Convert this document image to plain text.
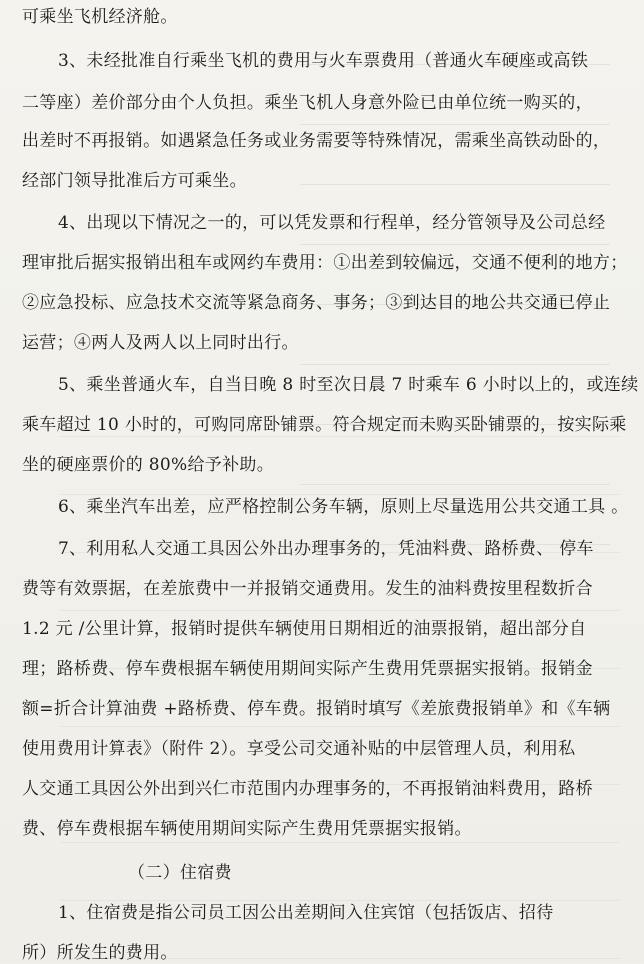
可乘坐飞机经济舱。
3、未经批准自行乘坐飞机的费用与火车票费用（普通火车硬座或高铁
二等座）差价部分由个人负担。乘坐飞机人身意外险已由单位统一购买的，
出差时不再报销。如遇紧急任务或业务需要等特殊情况，需乘坐高铁动卧的，
经部门领导批准后方可乘坐。
4、出现以下情况之一的，可以凭发票和行程单，经分管领导及公司总经
理审批后据实报销出租车或网约车费用：①出差到较偏远，交通不便利的地方；
②应急投标、应急技术交流等紧急商务、事务；③到达目的地公共交通已停止
运营；④两人及两人以上同时出行。
5、乘坐普通火车，自当日晚 8 时至次日晨 7 时乘车 6 小时以上的，或连续
乘车超过 10 小时的，可购同席卧铺票。符合规定而未购买卧铺票的，按实际乘
坐的硬座票价的 80%给予补助。
6、乘坐汽车出差，应严格控制公务车辆，原则上尽量选用公共交通工具 。
7、利用私人交通工具因公外出办理事务的，凭油料费、路桥费、 停车
费等有效票据，在差旅费中一并报销交通费用。发生的油料费按里程数折合
1.2 元 /公里计算，报销时提供车辆使用日期相近的油票报销，超出部分自
理；路桥费、停车费根据车辆使用期间实际产生费用凭票据实报销。报销金
额=折合计算油费 +路桥费、停车费。报销时填写《差旅费报销单》和《车辆
使用费用计算表》（附件 2）。享受公司交通补贴的中层管理人员，利用私
人交通工具因公外出到兴仁市范围内办理事务的，不再报销油料费用，路桥
费、停车费根据车辆使用期间实际产生费用凭票据实报销。
（二）住宿费
1、住宿费是指公司员工因公出差期间入住宾馆（包括饭店、招待
所）所发生的费用。
